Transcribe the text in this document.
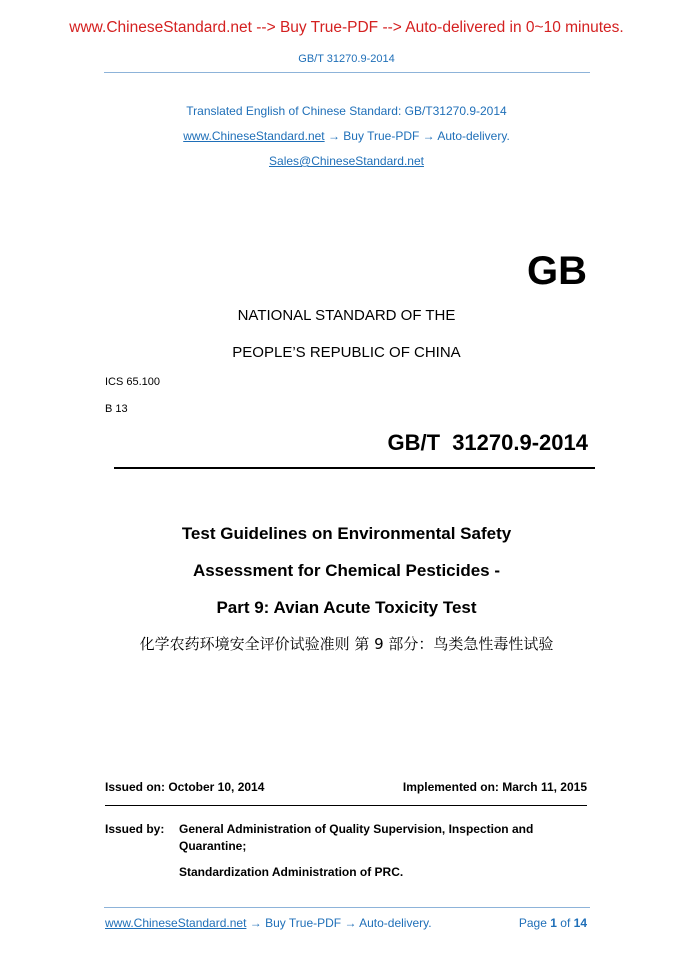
www.ChineseStandard.net --> Buy True-PDF --> Auto-delivered in 0~10 minutes.
GB/T 31270.9-2014
Translated English of Chinese Standard: GB/T31270.9-2014
www.ChineseStandard.net → Buy True-PDF → Auto-delivery.
Sales@ChineseStandard.net
GB
NATIONAL STANDARD OF THE
PEOPLE’S REPUBLIC OF CHINA
ICS 65.100
B 13
GB/T 31270.9-2014
Test Guidelines on Environmental Safety
Assessment for Chemical Pesticides -
Part 9: Avian Acute Toxicity Test
化学农药环境安全评价试验准则 第 9 部分：鸟类急性毒性试验
Issued on: October 10, 2014	Implemented on: March 11, 2015
Issued by: General Administration of Quality Supervision, Inspection and Quarantine;
Standardization Administration of PRC.
www.ChineseStandard.net → Buy True-PDF → Auto-delivery.	Page 1 of 14
